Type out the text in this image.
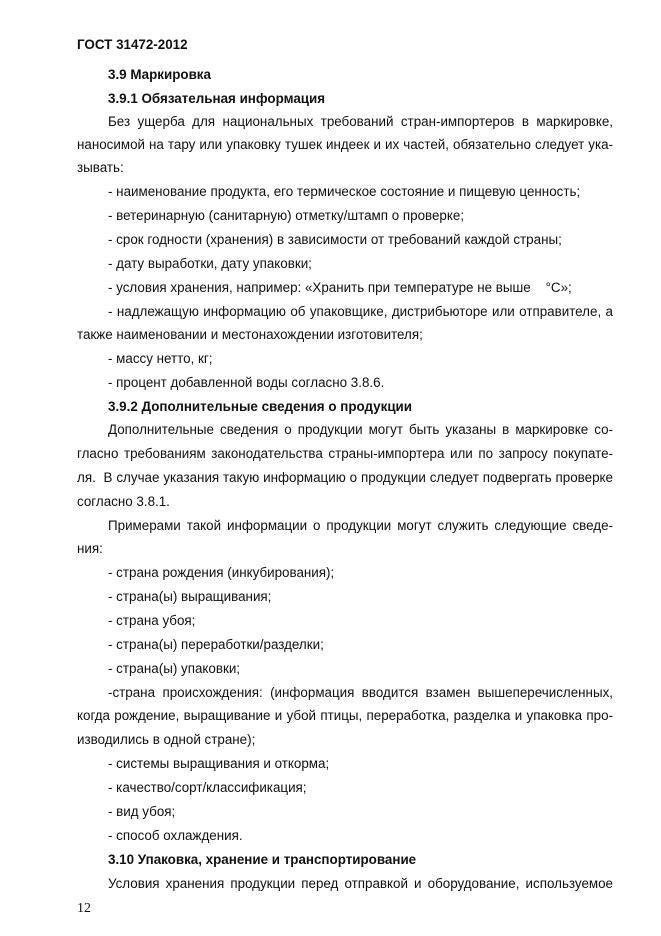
ГОСТ 31472-2012
3.9 Маркировка
3.9.1 Обязательная информация
Без ущерба для национальных требований стран-импортеров в маркировке,
наносимой на тару или упаковку тушек индеек и их частей, обязательно следует ука-
зывать:
- наименование продукта, его термическое состояние и пищевую ценность;
- ветеринарную (санитарную) отметку/штамп о проверке;
- срок годности (хранения) в зависимости от требований каждой страны;
- дату выработки, дату упаковки;
- условия хранения, например: «Хранить при температуре не выше    °С»;
- надлежащую информацию об упаковщике, дистрибьюторе или отправителе, а
также наименовании и местонахождении изготовителя;
- массу нетто, кг;
- процент добавленной воды согласно 3.8.6.
3.9.2 Дополнительные сведения о продукции
Дополнительные сведения о продукции могут быть указаны в маркировке со-
гласно требованиям законодательства страны-импортера или по запросу покупате-
ля.  В случае указания такую информацию о продукции следует подвергать проверке
согласно 3.8.1.
Примерами такой информации о продукции могут служить следующие сведе-
ния:
- страна рождения (инкубирования);
- страна(ы) выращивания;
- страна убоя;
- страна(ы) переработки/разделки;
- страна(ы) упаковки;
-страна происхождения: (информация вводится взамен вышеперечисленных,
когда рождение, выращивание и убой птицы, переработка, разделка и упаковка про-
изводились в одной стране);
- системы выращивания и откорма;
- качество/сорт/классификация;
- вид убоя;
- способ охлаждения.
3.10 Упаковка, хранение и транспортирование
Условия хранения продукции перед отправкой и оборудование, используемое
12
